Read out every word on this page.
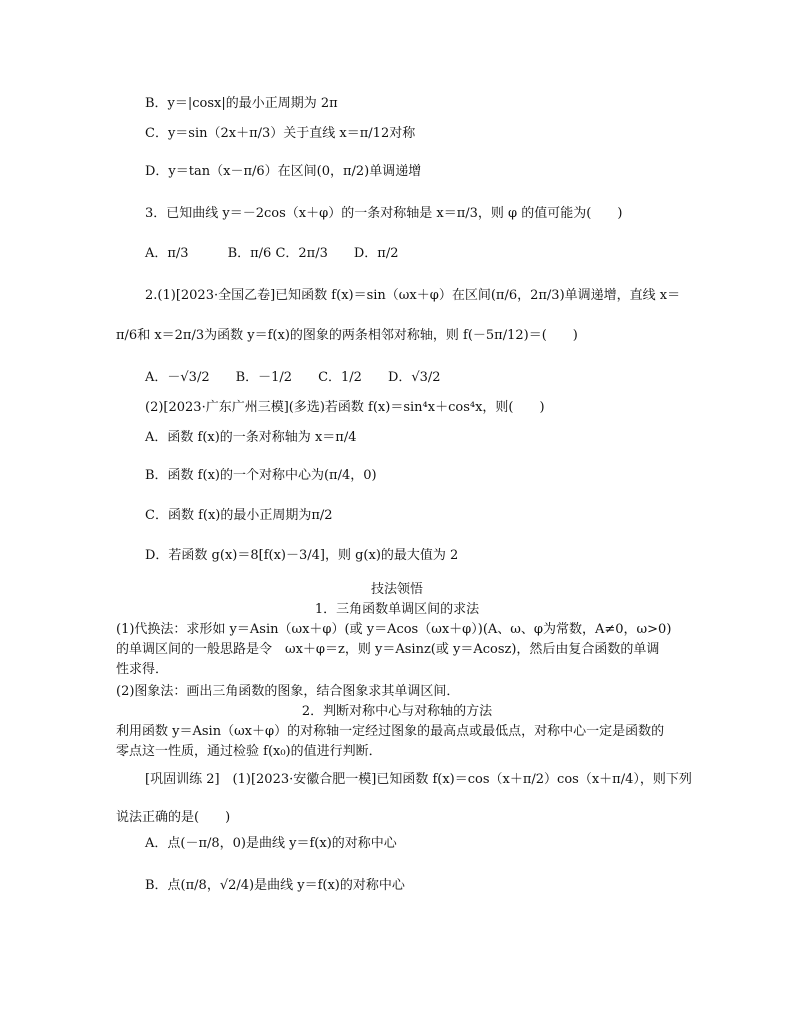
B．y＝|cosx|的最小正周期为 2π
C．y＝sin（2x＋π/3）关于直线 x＝π/12对称
D．y＝tan（x－π/6）在区间(0，π/2)单调递增
3．已知曲线 y＝－2cos（x＋φ）的一条对称轴是 x＝π/3，则 φ 的值可能为(　　)
A．π/3　　　B．π/6 C．2π/3　　D．π/2
2.(1)[2023·全国乙卷]已知函数 f(x)＝sin（ωx＋φ）在区间(π/6，2π/3)单调递增，直线 x＝
π/6和 x＝2π/3为函数 y＝f(x)的图象的两条相邻对称轴，则 f(－5π/12)＝(　　)
A．－√3/2　　B．－1/2　　C．1/2　　D．√3/2
(2)[2023·广东广州三模](多选)若函数 f(x)＝sin⁴x＋cos⁴x，则(　　)
A．函数 f(x)的一条对称轴为 x＝π/4
B．函数 f(x)的一个对称中心为(π/4，0)
C．函数 f(x)的最小正周期为π/2
D．若函数 g(x)＝8[f(x)－3/4]，则 g(x)的最大值为 2
技法领悟
1．三角函数单调区间的求法
(1)代换法：求形如 y＝Asin（ωx＋φ）(或 y＝Acos（ωx＋φ）)(A、ω、φ为常数，A≠0，ω>0)
的单调区间的一般思路是令　ωx＋φ＝z，则 y＝Asinz(或 y＝Acosz)，然后由复合函数的单调
性求得．
(2)图象法：画出三角函数的图象，结合图象求其单调区间．
2．判断对称中心与对称轴的方法
利用函数 y＝Asin（ωx＋φ）的对称轴一定经过图象的最高点或最低点，对称中心一定是函数的
零点这一性质，通过检验 f(x₀)的值进行判断．
[巩固训练 2]　(1)[2023·安徽合肥一模]已知函数 f(x)＝cos（x＋π/2）cos（x＋π/4），则下列
说法正确的是(　　)
A．点(－π/8，0)是曲线 y＝f(x)的对称中心
B．点(π/8，√2/4)是曲线 y＝f(x)的对称中心
